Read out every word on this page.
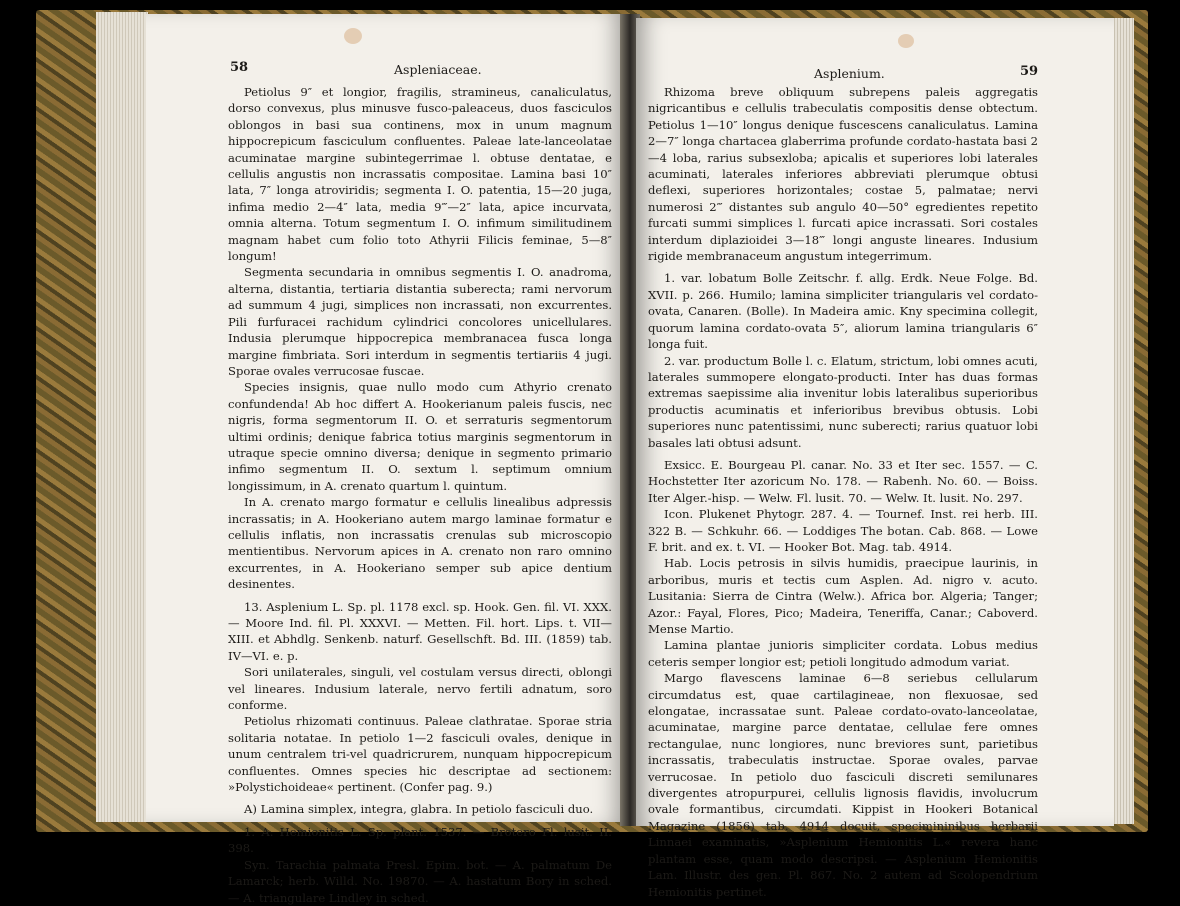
58	Aspleniaceae.

Petiolus 9″ et longior, fragilis, stramineus, canaliculatus, dorso convexus, plus minusve fusco-paleaceus, duos fasciculos oblongos in basi sua continens, mox in unum magnum hippocrepicum fasciculum confluentes. Paleae late-lanceolatae acuminatae margine subintegerrimae l. obtuse dentatae, e cellulis angustis non incrassatis compositae. Lamina basi 10″ lata, 7″ longa atroviridis; segmenta I. O. patentia, 15—20 juga, infima medio 2—4″ lata, media 9‴—2″ lata, apice incurvata, omnia alterna. Totum segmentum I. O. infimum similitudinem magnam habet cum folio toto Athyrii Filicis feminae, 5—8″ longum!

Segmenta secundaria in omnibus segmentis I. O. anadroma, alterna, distantia, tertiaria distantia suberecta; rami nervorum ad summum 4 jugi, simplices non incrassati, non excurrentes. Pili furfuracei rachidum cylindrici concolores unicellulares. Indusia plerumque hippocrepica membranacea fusca longa margine fimbriata. Sori interdum in segmentis tertiariis 4 jugi. Sporae ovales verrucosae fuscae.

Species insignis, quae nullo modo cum Athyrio crenato confundenda! Ab hoc differt A. Hookerianum paleis fuscis, nec nigris, forma segmentorum II. O. et serraturis segmentorum ultimi ordinis; denique fabrica totius marginis segmentorum in utraque specie omnino diversa; denique in segmento primario infimo segmentum II. O. sextum l. septimum omnium longissimum, in A. crenato quartum l. quintum.

In A. crenato margo formatur e cellulis linealibus adpressis incrassatis; in A. Hookeriano autem margo laminae formatur e cellulis inflatis, non incrassatis crenulas sub microscopio mentientibus. Nervorum apices in A. crenato non raro omnino excurrentes, in A. Hookeriano semper sub apice dentium desinentes.

13. Asplenium L. Sp. pl. 1178 excl. sp. Hook. Gen. fil. VI. XXX. — Moore Ind. fil. Pl. XXXVI. — Metten. Fil. hort. Lips. t. VII—XIII. et Abhdlg. Senkenb. naturf. Gesellschft. Bd. III. (1859) tab. IV—VI. e. p.

Sori unilaterales, singuli, vel costulam versus directi, oblongi vel lineares. Indusium laterale, nervo fertili adnatum, soro conforme.

Petiolus rhizomati continuus. Paleae clathratae. Sporae stria solitaria notatae. In petiolo 1—2 fasciculi ovales, denique in unum centralem tri-vel quadricrurem, nunquam hippocrepicum confluentes. Omnes species hic descriptae ad sectionem: »Polystichoideae« pertinent. (Confer pag. 9.)

A) Lamina simplex, integra, glabra. In petiolo fasciculi duo.

1. A. Hemionitis L. Sp. plant. 1537. — Brotero Fl. lusit. II. 398.

Syn. Tarachia palmata Presl. Epim. bot. — A. palmatum De Lamarck; herb. Willd. No. 19870. — A. hastatum Bory in sched. — A. triangulare Lindley in sched.

Asplenium.	59

Rhizoma breve obliquum subrepens paleis aggregatis nigricantibus e cellulis trabeculatis compositis dense obtectum. Petiolus 1—10″ longus denique fuscescens canaliculatus. Lamina 2—7″ longa chartacea glaberrima profunde cordato-hastata basi 2—4 loba, rarius subsexloba; apicalis et superiores lobi laterales acuminati, laterales inferiores abbreviati plerumque obtusi deflexi, superiores horizontales; costae 5, palmatae; nervi numerosi 2‴ distantes sub angulo 40—50° egredientes repetito furcati summi simplices l. furcati apice incrassati. Sori costales interdum diplazioidei 3—18‴ longi anguste lineares. Indusium rigide membranaceum angustum integerrimum.

1. var. lobatum Bolle Zeitschr. f. allg. Erdk. Neue Folge. Bd. XVII. p. 266. Humilo; lamina simpliciter triangularis vel cordato-ovata, Canaren. (Bolle). In Madeira amic. Kny specimina collegit, quorum lamina cordato-ovata 5″, aliorum lamina triangularis 6″ longa fuit.

2. var. productum Bolle l. c. Elatum, strictum, lobi omnes acuti, laterales summopere elongato-producti. Inter has duas formas extremas saepissime alia invenitur lobis lateralibus superioribus productis acuminatis et inferioribus brevibus obtusis. Lobi superiores nunc patentissimi, nunc suberecti; rarius quatuor lobi basales lati obtusi adsunt.

Exsicc. E. Bourgeau Pl. canar. No. 33 et Iter sec. 1557. — C. Hochstetter Iter azoricum No. 178. — Rabenh. No. 60. — Boiss. Iter Alger.-hisp. — Welw. Fl. lusit. 70. — Welw. It. lusit. No. 297.

Icon. Plukenet Phytogr. 287. 4. — Tournef. Inst. rei herb. III. 322 B. — Schkuhr. 66. — Loddiges The botan. Cab. 868. — Lowe F. brit. and ex. t. VI. — Hooker Bot. Mag. tab. 4914.

Hab. Locis petrosis in silvis humidis, praecipue laurinis, in arboribus, muris et tectis cum Asplen. Ad. nigro v. acuto. Lusitania: Sierra de Cintra (Welw.). Africa bor. Algeria; Tanger; Azor.: Fayal, Flores, Pico; Madeira, Teneriffa, Canar.; Caboverd. Mense Martio.

Lamina plantae junioris simpliciter cordata. Lobus medius ceteris semper longior est; petioli longitudo admodum variat.

Margo flavescens laminae 6—8 seriebus cellularum circumdatus est, quae cartilagineae, non flexuosae, sed elongatae, incrassatae sunt. Paleae cordato-ovato-lanceolatae, acuminatae, margine parce dentatae, cellulae fere omnes rectangulae, nunc longiores, nunc breviores sunt, parietibus incrassatis, trabeculatis instructae. Sporae ovales, parvae verrucosae. In petiolo duo fasciculi discreti semilunares divergentes atropurpurei, cellulis lignosis flavidis, involucrum ovale formantibus, circumdati. Kippist in Hookeri Botanical Magazine (1856) tab. 4914 docuit, specimininibus herbarii Linnaei examinatis, »Asplenium Hemionitis L.« revera hanc plantam esse, quam modo descripsi. — Asplenium Hemionitis Lam. Illustr. des gen. Pl. 867. No. 2 autem ad Scolopendrium Hemionitis pertinet.
